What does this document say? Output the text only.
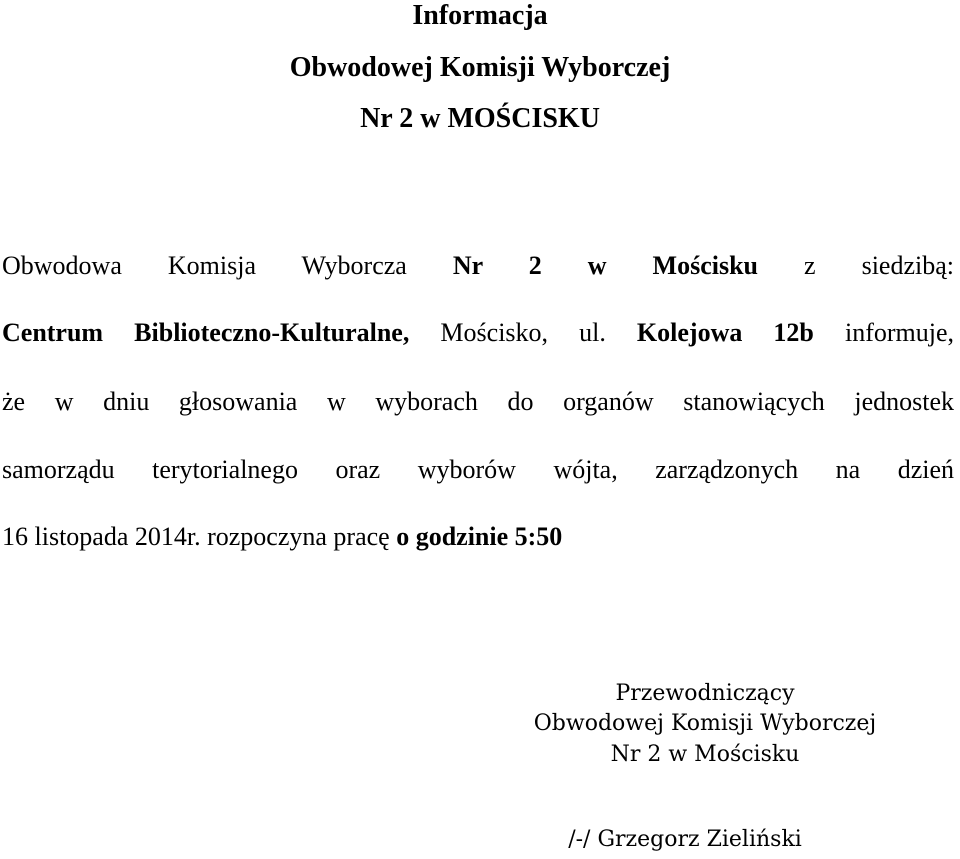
Informacja
Obwodowej Komisji Wyborczej
Nr 2 w MOŚCISKU
Obwodowa Komisja Wyborcza Nr 2 w Mościsku z siedzibą:
Centrum Biblioteczno-Kulturalne, Mościsko, ul. Kolejowa 12b informuje,
że w dniu głosowania w wyborach do organów stanowiących jednostek
samorządu terytorialnego oraz wyborów wójta, zarządzonych na dzień
16 listopada 2014r. rozpoczyna pracę o godzinie 5:50
Przewodniczący
Obwodowej Komisji Wyborczej
Nr 2 w Mościsku
/-/ Grzegorz Zieliński
